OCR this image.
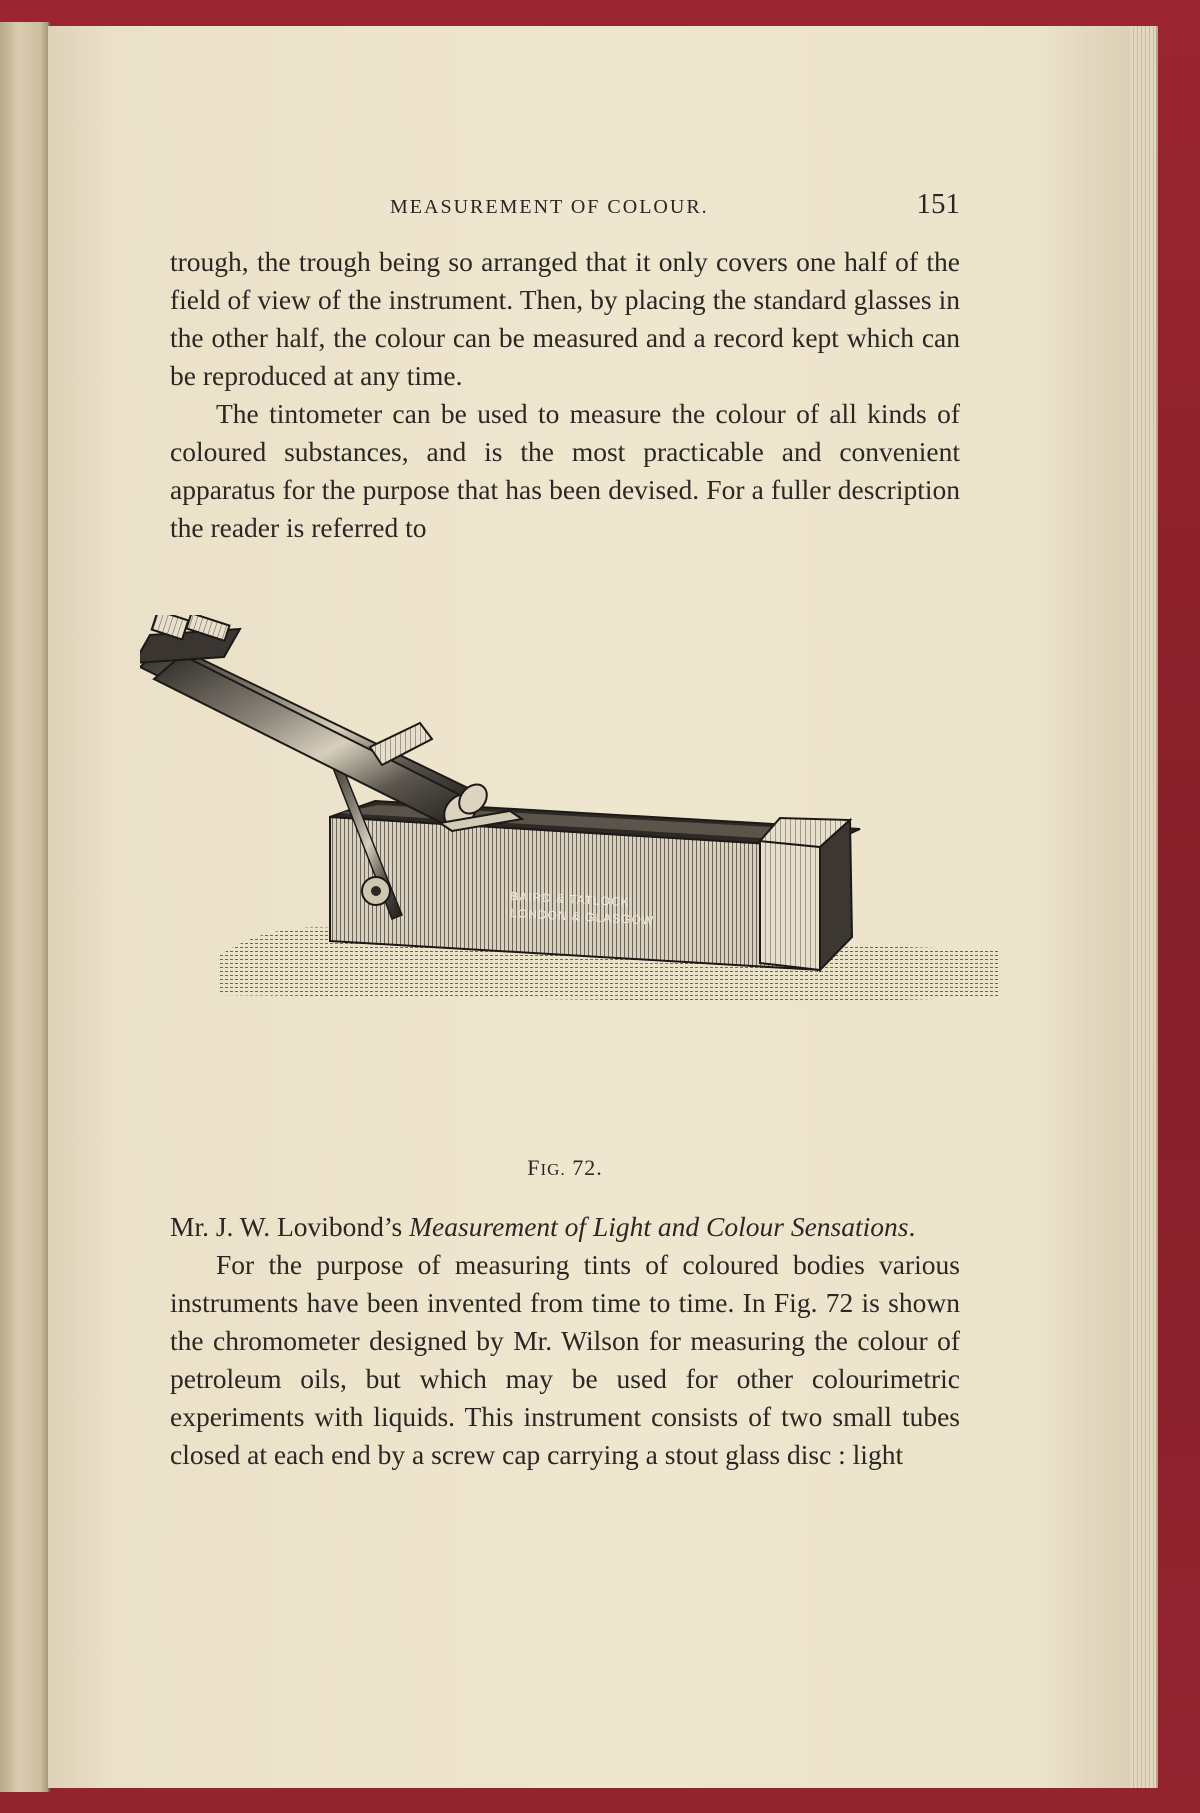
MEASUREMENT OF COLOUR.	151

trough, the trough being so arranged that it only covers one half of the field of view of the instrument. Then, by placing the standard glasses in the other half, the colour can be measured and a record kept which can be reproduced at any time.

The tintometer can be used to measure the colour of all kinds of coloured substances, and is the most practicable and convenient apparatus for the purpose that has been devised. For a fuller description the reader is referred to

BAIRD & TATLOCK
LONDON & GLASGOW
FIG. 72.

Mr. J. W. Lovibond’s Measurement of Light and Colour Sensations.

For the purpose of measuring tints of coloured bodies various instruments have been invented from time to time. In Fig. 72 is shown the chromometer designed by Mr. Wilson for measuring the colour of petroleum oils, but which may be used for other colourimetric experiments with liquids. This instrument consists of two small tubes closed at each end by a screw cap carrying a stout glass disc : light
